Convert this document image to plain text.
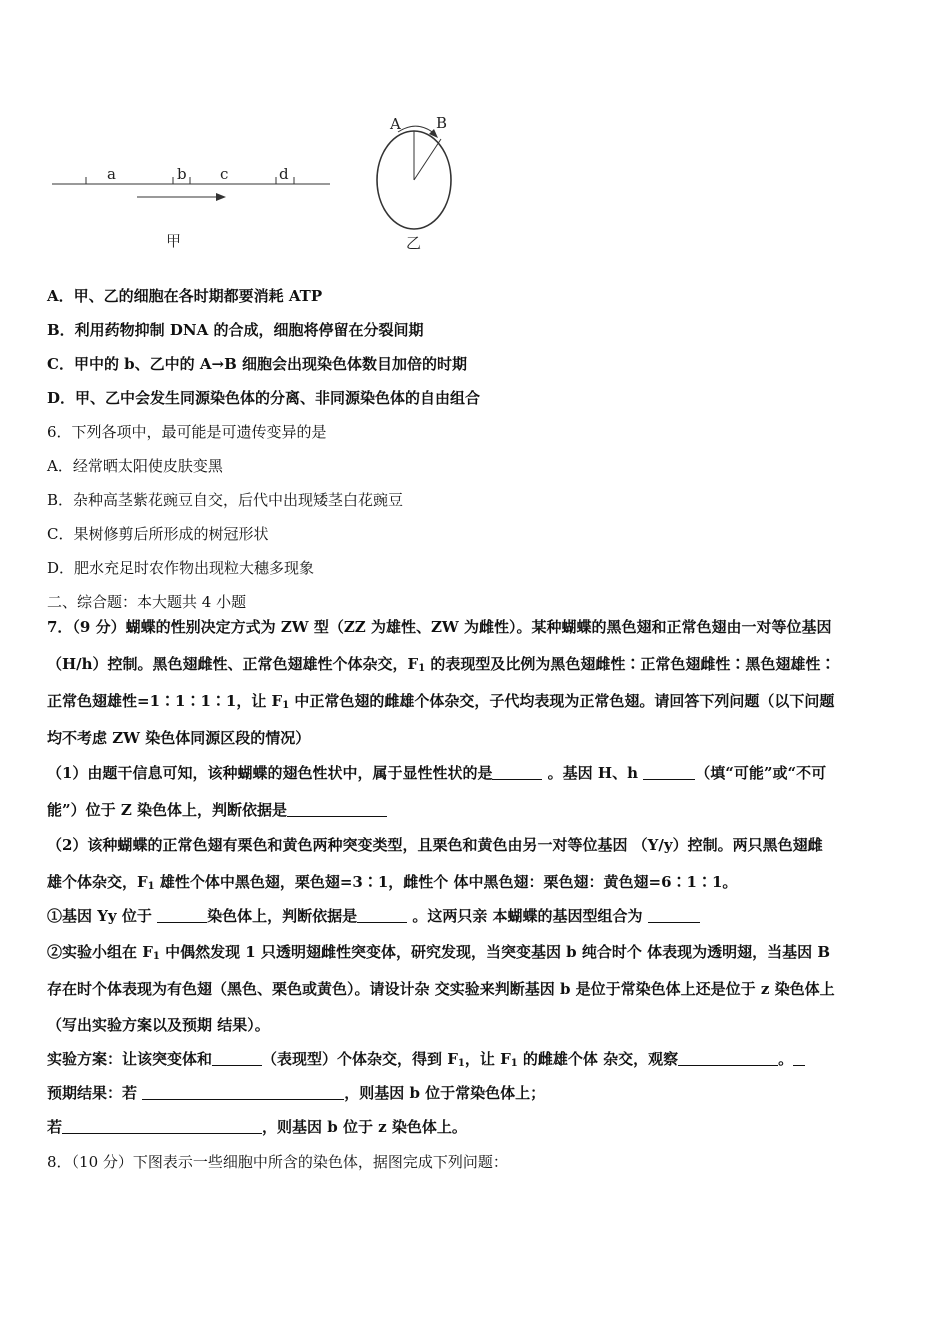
a	b c	d
甲
A B
乙
A．甲、乙的细胞在各时期都要消耗 ATP
B．利用药物抑制 DNA 的合成，细胞将停留在分裂间期
C．甲中的 b、乙中的 A→B 细胞会出现染色体数目加倍的时期
D．甲、乙中会发生同源染色体的分离、非同源染色体的自由组合
6．下列各项中，最可能是可遗传变异的是
A．经常晒太阳使皮肤变黑
B．杂种高茎紫花豌豆自交，后代中出现矮茎白花豌豆
C．果树修剪后所形成的树冠形状
D．肥水充足时农作物出现粒大穗多现象
二、综合题：本大题共 4 小题
7．（9 分）蝴蝶的性别决定方式为 ZW 型（ZZ 为雄性、ZW 为雌性）。某种蝴蝶的黑色翅和正常色翅由一对等位基因
（H/h）控制。黑色翅雌性、正常色翅雄性个体杂交，$F_1$ 的表现型及比例为黑色翅雌性∶正常色翅雌性∶黑色翅雄性∶
正常色翅雄性=1∶1∶1∶1，让 $F_1$ 中正常色翅的雌雄个体杂交，子代均表现为正常色翅。请回答下列问题（以下问题
均不考虑 ZW 染色体同源区段的情况）
（1）由题干信息可知，该种蝴蝶的翅色性状中，属于显性性状的是	。基因 H、h	（填“可能”或“不可
能”）位于 Z 染色体上，判断依据是
（2）该种蝴蝶的正常色翅有栗色和黄色两种突变类型，且栗色和黄色由另一对等位基因 （Y/y）控制。两只黑色翅雌
雄个体杂交，$F_1$ 雄性个体中黑色翅，栗色翅=3∶1，雌性个 体中黑色翅：栗色翅：黄色翅=6∶1∶1。
①基因 Yy 位于	染色体上，判断依据是	。这两只亲 本蝴蝶的基因型组合为
②实验小组在 $F_1$ 中偶然发现 1 只透明翅雌性突变体，研究发现，当突变基因 b 纯合时个 体表现为透明翅，当基因 B
存在时个体表现为有色翅（黑色、栗色或黄色）。请设计杂 交实验来判断基因 b 是位于常染色体上还是位于 z 染色体上
（写出实验方案以及预期 结果）。
实验方案：让该突变体和	（表现型）个体杂交，得到 $F_1$，让 $F_1$ 的雌雄个体 杂交，观察	。
预期结果：若	，则基因 b 位于常染色体上；
若	，则基因 b 位于 z 染色体上。
8．（10 分）下图表示一些细胞中所含的染色体，据图完成下列问题：
